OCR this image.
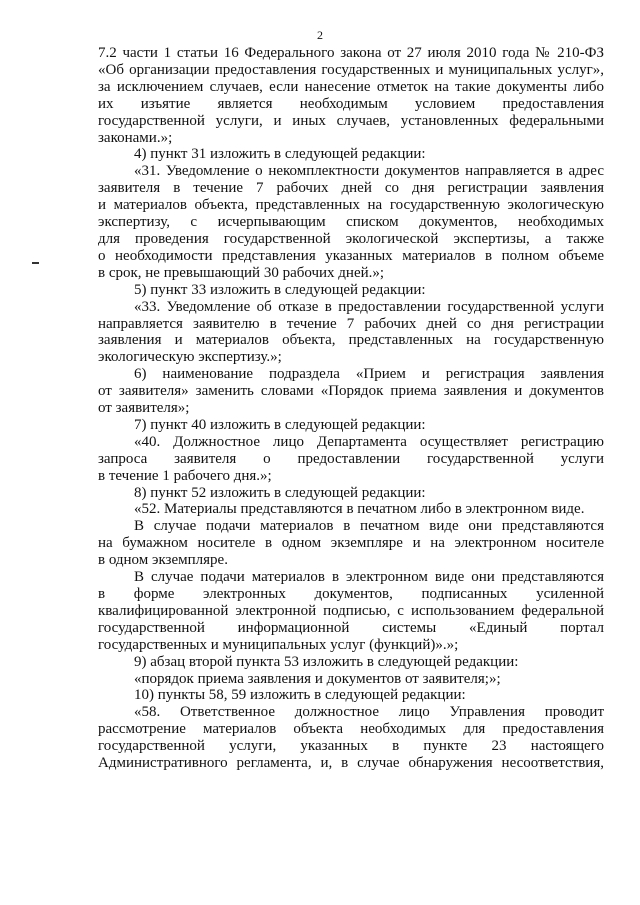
2

7.2 части 1 статьи 16 Федерального закона от 27 июля 2010 года № 210-ФЗ

«Об организации предоставления государственных и муниципальных услуг»,

за исключением случаев, если нанесение отметок на такие документы либо

их изъятие является необходимым условием предоставления

государственной услуги, и иных случаев, установленных федеральными

законами.»;

4) пункт 31 изложить в следующей редакции:

«31. Уведомление о некомплектности документов направляется в адрес

заявителя в течение 7 рабочих дней со дня регистрации заявления

и материалов объекта, представленных на государственную экологическую

экспертизу, с исчерпывающим списком документов, необходимых

для проведения государственной экологической экспертизы, а также

о необходимости представления указанных материалов в полном объеме

в срок, не превышающий 30 рабочих дней.»;

5) пункт 33 изложить в следующей редакции:

«33. Уведомление об отказе в предоставлении государственной услуги

направляется заявителю в течение 7 рабочих дней со дня регистрации

заявления и материалов объекта, представленных на государственную

экологическую экспертизу.»;

6) наименование подраздела «Прием и регистрация заявления

от заявителя» заменить словами «Порядок приема заявления и документов

от заявителя»;

7) пункт 40 изложить в следующей редакции:

«40. Должностное лицо Департамента осуществляет регистрацию

запроса заявителя о предоставлении государственной услуги

в течение 1 рабочего дня.»;

8) пункт 52 изложить в следующей редакции:

«52. Материалы представляются в печатном либо в электронном виде.

В случае подачи материалов в печатном виде они представляются

на бумажном носителе в одном экземпляре и на электронном носителе

в одном экземпляре.

В случае подачи материалов в электронном виде они представляются

в форме электронных документов, подписанных усиленной

квалифицированной электронной подписью, с использованием федеральной

государственной информационной системы «Единый портал

государственных и муниципальных услуг (функций)».»;

9) абзац второй пункта 53 изложить в следующей редакции:

«порядок приема заявления и документов от заявителя;»;

10) пункты 58, 59 изложить в следующей редакции:

«58. Ответственное должностное лицо Управления проводит

рассмотрение материалов объекта необходимых для предоставления

государственной услуги, указанных в пункте 23 настоящего

Административного регламента, и, в случае обнаружения несоответствия,
